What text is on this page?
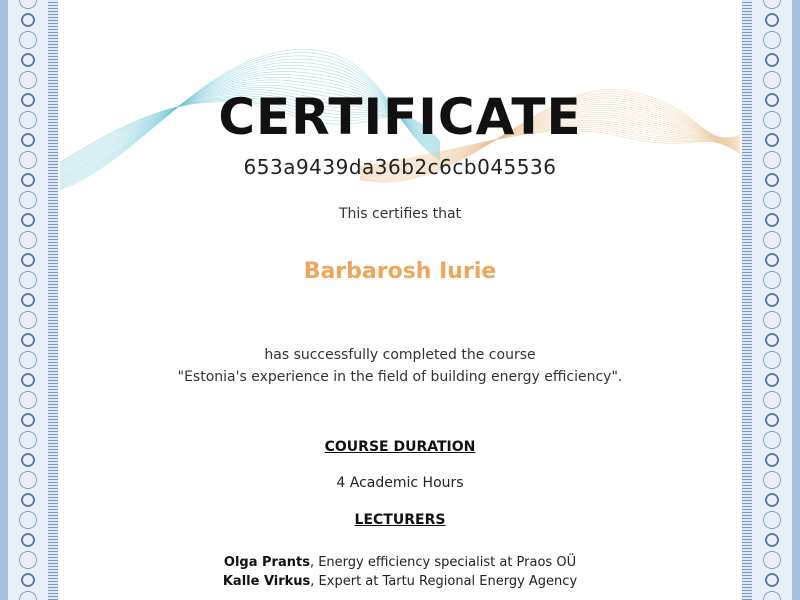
CERTIFICATE
653a9439da36b2c6cb045536
This certifies that
Barbarosh Iurie
has successfully completed the course
"Estonia's experience in the field of building energy efficiency".
COURSE DURATION
4 Academic Hours
LECTURERS
Olga Prants, Energy efficiency specialist at Praos OÜ
Kalle Virkus, Expert at Tartu Regional Energy Agency
